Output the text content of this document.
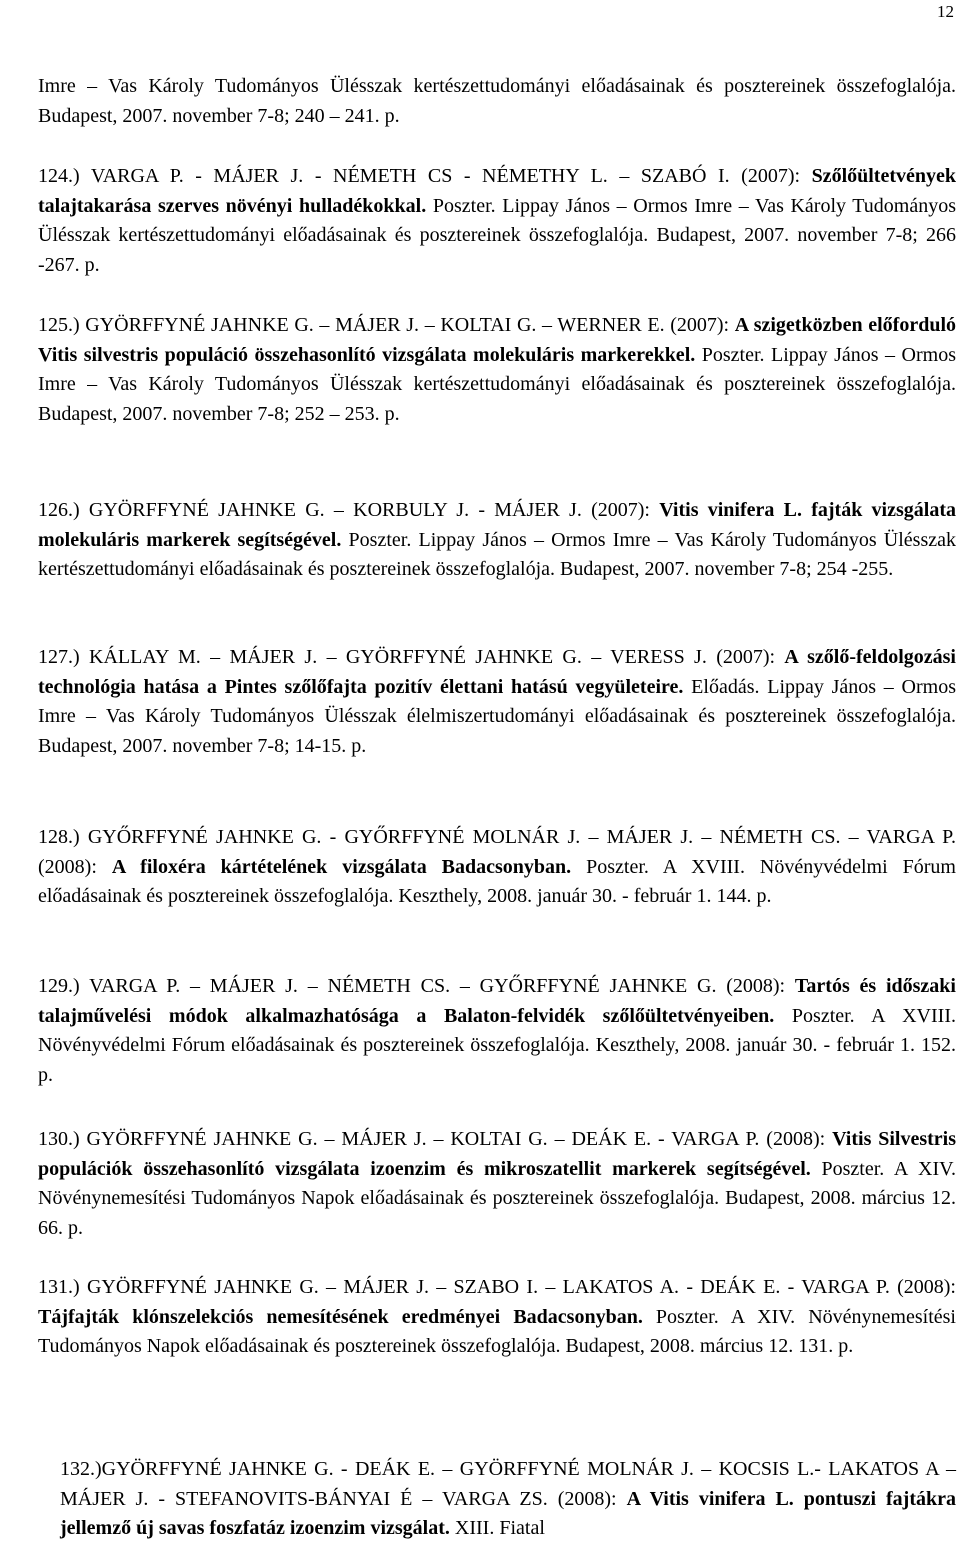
12
Imre – Vas Károly Tudományos Ülésszak kertészettudományi előadásainak és posztereinek összefoglalója. Budapest, 2007. november 7-8; 240 – 241. p.
124.) VARGA P. - MÁJER J. - NÉMETH CS - NÉMETHY L. – SZABÓ I. (2007): Szőlőültetvények talajtakarása szerves növényi hulladékokkal. Poszter. Lippay János – Ormos Imre – Vas Károly Tudományos Ülésszak kertészettudományi előadásainak és posztereinek összefoglalója. Budapest, 2007. november 7-8; 266 -267. p.
125.) GYÖRFFYNÉ JAHNKE G. – MÁJER J. – KOLTAI G. – WERNER E. (2007): A szigetközben előforduló Vitis silvestris populáció összehasonlító vizsgálata molekuláris markerekkel. Poszter. Lippay János – Ormos Imre – Vas Károly Tudományos Ülésszak kertészettudományi előadásainak és posztereinek összefoglalója. Budapest, 2007. november 7-8; 252 – 253. p.
126.) GYÖRFFYNÉ JAHNKE G. – KORBULY J. - MÁJER J. (2007): Vitis vinifera L. fajták vizsgálata molekuláris markerek segítségével. Poszter. Lippay János – Ormos Imre – Vas Károly Tudományos Ülésszak kertészettudományi előadásainak és posztereinek összefoglalója. Budapest, 2007. november 7-8; 254 -255.
127.) KÁLLAY M. – MÁJER J. – GYÖRFFYNÉ JAHNKE G. – VERESS J. (2007): A szőlő-feldolgozási technológia hatása a Pintes szőlőfajta pozitív élettani hatású vegyületeire. Előadás. Lippay János – Ormos Imre – Vas Károly Tudományos Ülésszak élelmiszertudományi előadásainak és posztereinek összefoglalója. Budapest, 2007. november 7-8; 14-15. p.
128.) GYŐRFFYNÉ JAHNKE G. - GYŐRFFYNÉ MOLNÁR J. – MÁJER J. – NÉMETH CS. – VARGA P. (2008): A filoxéra kártételének vizsgálata Badacsonyban. Poszter. A XVIII. Növényvédelmi Fórum előadásainak és posztereinek összefoglalója. Keszthely, 2008. január 30. - február 1. 144. p.
129.) VARGA P. – MÁJER J. – NÉMETH CS. – GYŐRFFYNÉ JAHNKE G. (2008): Tartós és időszaki talajművelési módok alkalmazhatósága a Balaton-felvidék szőlőültetvényeiben. Poszter. A XVIII. Növényvédelmi Fórum előadásainak és posztereinek összefoglalója. Keszthely, 2008. január 30. - február 1. 152. p.
130.) GYÖRFFYNÉ JAHNKE G. – MÁJER J. – KOLTAI G. – DEÁK E. - VARGA P. (2008): Vitis Silvestris populációk összehasonlító vizsgálata izoenzim és mikroszatellit markerek segítségével. Poszter. A XIV. Növénynemesítési Tudományos Napok előadásainak és posztereinek összefoglalója. Budapest, 2008. március 12. 66. p.
131.) GYÖRFFYNÉ JAHNKE G. – MÁJER J. – SZABO I. – LAKATOS A. - DEÁK E. - VARGA P. (2008): Tájfajták klónszelekciós nemesítésének eredményei Badacsonyban. Poszter. A XIV. Növénynemesítési Tudományos Napok előadásainak és posztereinek összefoglalója. Budapest, 2008. március 12. 131. p.
132.)GYÖRFFYNÉ JAHNKE G. - DEÁK E. – GYÖRFFYNÉ MOLNÁR J. – KOCSIS L.- LAKATOS A – MÁJER J. - STEFANOVITS-BÁNYAI É – VARGA ZS. (2008): A Vitis vinifera L. pontuszi fajtákra jellemző új savas foszfatáz izoenzim vizsgálat. XIII. Fiatal
